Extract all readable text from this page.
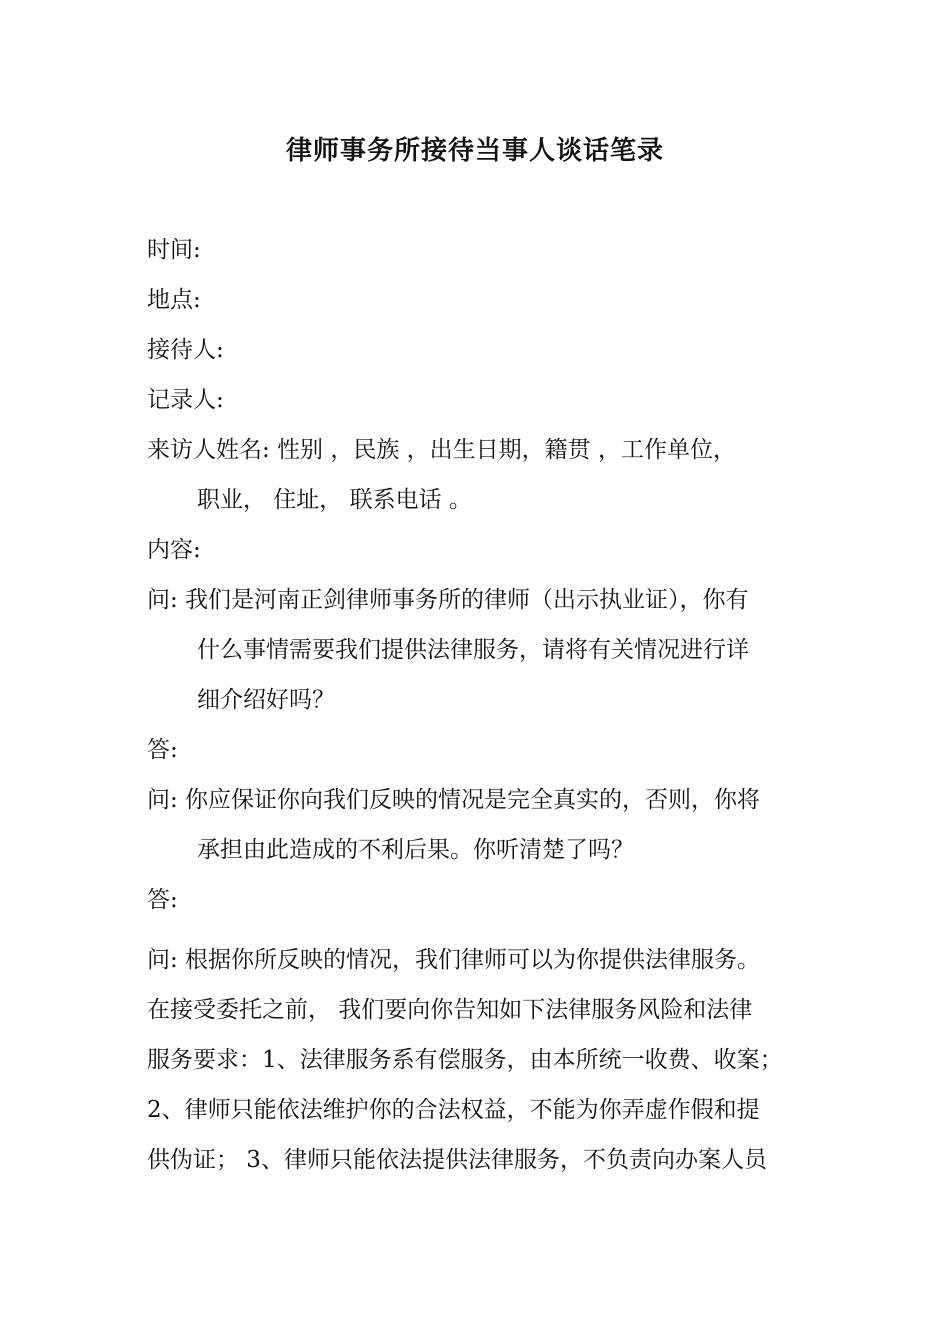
律师事务所接待当事人谈话笔录
时间:
地点:
接待人:
记录人:
来访人姓名: 性别 ，民族 ，出生日期，籍贯 ，工作单位，
职业， 住址， 联系电话 。
内容:
问: 我们是河南正剑律师事务所的律师（出示执业证），你有
什么事情需要我们提供法律服务，请将有关情况进行详
细介绍好吗？
答:
问: 你应保证你向我们反映的情况是完全真实的，否则，你将
承担由此造成的不利后果。你听清楚了吗？
答:
问: 根据你所反映的情况，我们律师可以为你提供法律服务。
在接受委托之前， 我们要向你告知如下法律服务风险和法律
服务要求：1、法律服务系有偿服务，由本所统一收费、收案；
2、律师只能依法维护你的合法权益，不能为你弄虚作假和提
供伪证； 3、律师只能依法提供法律服务，不负责向办案人员
